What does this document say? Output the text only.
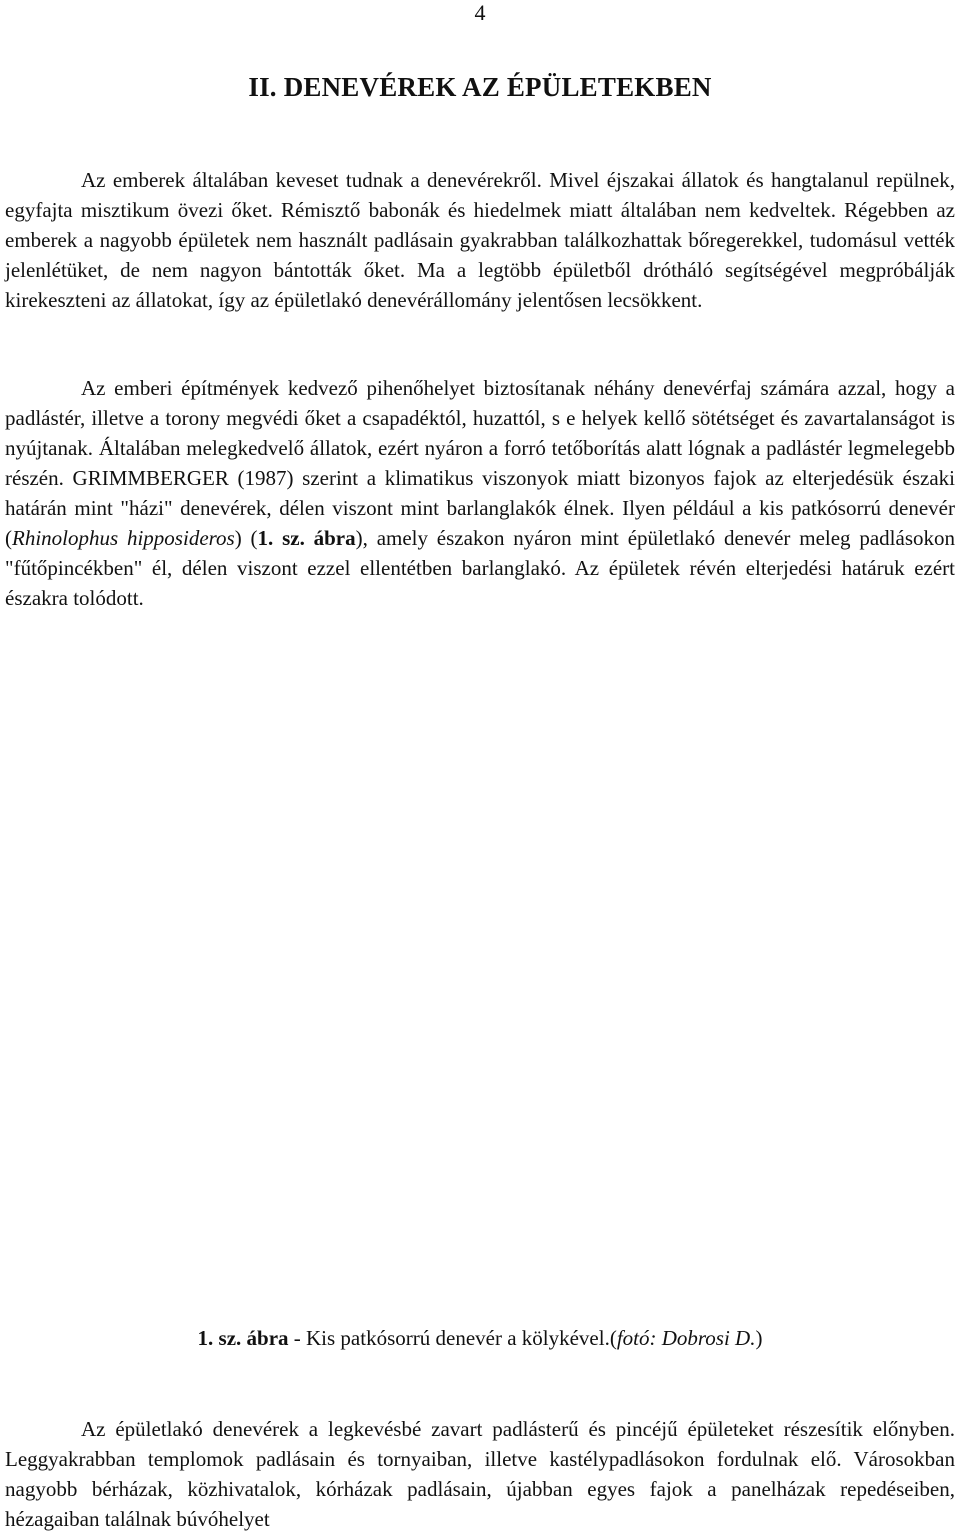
4
II. DENEVÉREK AZ ÉPÜLETEKBEN

Az emberek általában keveset tudnak a denevérekről. Mivel éjszakai állatok és hangtalanul repülnek, egyfajta misztikum övezi őket. Rémisztő babonák és hiedelmek miatt általában nem kedveltek. Régebben az emberek a nagyobb épületek nem használt padlásain gyakrabban találkozhattak bőregerekkel, tudomásul vették jelenlétüket, de nem nagyon bántották őket. Ma a legtöbb épületből drótháló segítségével megpróbálják kirekeszteni az állatokat, így az épületlakó denevérállomány jelentősen lecsökkent.

Az emberi építmények kedvező pihenőhelyet biztosítanak néhány denevérfaj számára azzal, hogy a padlástér, illetve a torony megvédi őket a csapadéktól, huzattól, s e helyek kellő sötétséget és zavartalanságot is nyújtanak. Általában melegkedvelő állatok, ezért nyáron a forró tetőborítás alatt lógnak a padlástér legmelegebb részén. GRIMMBERGER (1987) szerint a klimatikus viszonyok miatt bizonyos fajok az elterjedésük északi határán mint "házi" denevérek, délen viszont mint barlanglakók élnek. Ilyen például a kis patkósorrú denevér (Rhinolophus hipposideros) (1. sz. ábra), amely északon nyáron mint épületlakó denevér meleg padlásokon "fűtőpincékben" él, délen viszont ezzel ellentétben barlanglakó. Az épületek révén elterjedési határuk ezért északra tolódott.

1. sz. ábra - Kis patkósorrú denevér a kölykével.(fotó: Dobrosi D.)

Az épületlakó denevérek a legkevésbé zavart padlásterű és pincéjű épületeket részesítik előnyben. Leggyakrabban templomok padlásain és tornyaiban, illetve kastélypadlásokon fordulnak elő. Városokban nagyobb bérházak, közhivatalok, kórházak padlásain, újabban egyes fajok a panelházak repedéseiben, hézagaiban találnak búvóhelyet
